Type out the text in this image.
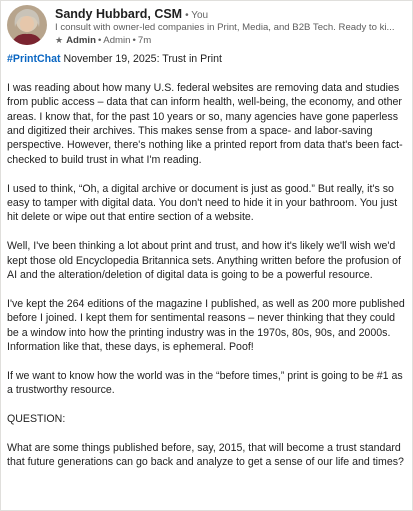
Sandy Hubbard, CSM • You
I consult with owner-led companies in Print, Media, and B2B Tech. Ready to ki...
★ Admin • Admin • 7m

#PrintChat November 19, 2025: Trust in Print

I was reading about how many U.S. federal websites are removing data and studies from public access – data that can inform health, well-being, the economy, and other areas. I know that, for the past 10 years or so, many agencies have gone paperless and digitized their archives. This makes sense from a space- and labor-saving perspective. However, there's nothing like a printed report from data that's been fact-checked to build trust in what I'm reading.

I used to think, “Oh, a digital archive or document is just as good.” But really, it's so easy to tamper with digital data. You don't need to hide it in your bathroom. You just hit delete or wipe out that entire section of a website.

Well, I've been thinking a lot about print and trust, and how it's likely we'll wish we'd kept those old Encyclopedia Britannica sets. Anything written before the profusion of AI and the alteration/deletion of digital data is going to be a powerful resource.

I've kept the 264 editions of the magazine I published, as well as 200 more published before I joined. I kept them for sentimental reasons – never thinking that they could be a window into how the printing industry was in the 1970s, 80s, 90s, and 2000s. Information like that, these days, is ephemeral. Poof!

If we want to know how the world was in the “before times,” print is going to be #1 as a trustworthy resource.

QUESTION:

What are some things published before, say, 2015, that will become a trust standard that future generations can go back and analyze to get a sense of our life and times?
